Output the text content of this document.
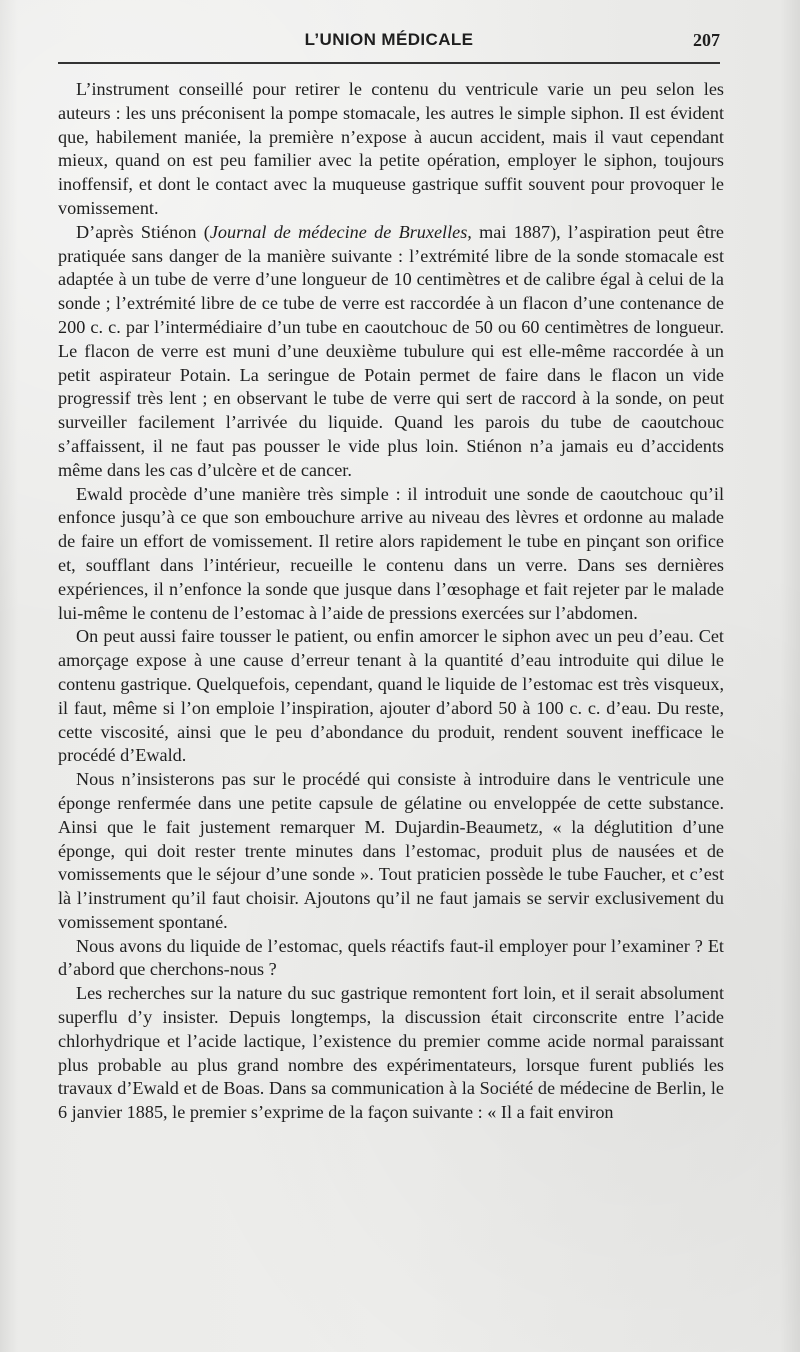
L’UNION MÉDICALE	207

L’instrument conseillé pour retirer le contenu du ventricule varie un peu selon les auteurs : les uns préconisent la pompe stomacale, les autres le simple siphon. Il est évident que, habilement maniée, la première n’expose à aucun accident, mais il vaut cependant mieux, quand on est peu familier avec la petite opération, employer le siphon, toujours inoffensif, et dont le contact avec la muqueuse gastrique suffit souvent pour provoquer le vomissement.

D’après Stiénon (Journal de médecine de Bruxelles, mai 1887), l’aspiration peut être pratiquée sans danger de la manière suivante : l’extrémité libre de la sonde stomacale est adaptée à un tube de verre d’une longueur de 10 centimètres et de calibre égal à celui de la sonde ; l’extrémité libre de ce tube de verre est raccordée à un flacon d’une contenance de 200 c. c. par l’intermédiaire d’un tube en caoutchouc de 50 ou 60 centimètres de longueur. Le flacon de verre est muni d’une deuxième tubulure qui est elle-même raccordée à un petit aspirateur Potain. La seringue de Potain permet de faire dans le flacon un vide progressif très lent ; en observant le tube de verre qui sert de raccord à la sonde, on peut surveiller facilement l’arrivée du liquide. Quand les parois du tube de caoutchouc s’affaissent, il ne faut pas pousser le vide plus loin. Stiénon n’a jamais eu d’accidents même dans les cas d’ulcère et de cancer.

Ewald procède d’une manière très simple : il introduit une sonde de caoutchouc qu’il enfonce jusqu’à ce que son embouchure arrive au niveau des lèvres et ordonne au malade de faire un effort de vomissement. Il retire alors rapidement le tube en pinçant son orifice et, soufflant dans l’intérieur, recueille le contenu dans un verre. Dans ses dernières expériences, il n’enfonce la sonde que jusque dans l’œsophage et fait rejeter par le malade lui-même le contenu de l’estomac à l’aide de pressions exercées sur l’abdomen.

On peut aussi faire tousser le patient, ou enfin amorcer le siphon avec un peu d’eau. Cet amorçage expose à une cause d’erreur tenant à la quantité d’eau introduite qui dilue le contenu gastrique. Quelquefois, cependant, quand le liquide de l’estomac est très visqueux, il faut, même si l’on emploie l’inspiration, ajouter d’abord 50 à 100 c. c. d’eau. Du reste, cette viscosité, ainsi que le peu d’abondance du produit, rendent souvent inefficace le procédé d’Ewald.

Nous n’insisterons pas sur le procédé qui consiste à introduire dans le ventricule une éponge renfermée dans une petite capsule de gélatine ou enveloppée de cette substance. Ainsi que le fait justement remarquer M. Dujardin-Beaumetz, « la déglutition d’une éponge, qui doit rester trente minutes dans l’estomac, produit plus de nausées et de vomissements que le séjour d’une sonde ». Tout praticien possède le tube Faucher, et c’est là l’instrument qu’il faut choisir. Ajoutons qu’il ne faut jamais se servir exclusivement du vomissement spontané.

Nous avons du liquide de l’estomac, quels réactifs faut-il employer pour l’examiner ? Et d’abord que cherchons-nous ?

Les recherches sur la nature du suc gastrique remontent fort loin, et il serait absolument superflu d’y insister. Depuis longtemps, la discussion était circonscrite entre l’acide chlorhydrique et l’acide lactique, l’existence du premier comme acide normal paraissant plus probable au plus grand nombre des expérimentateurs, lorsque furent publiés les travaux d’Ewald et de Boas. Dans sa communication à la Société de médecine de Berlin, le 6 janvier 1885, le premier s’exprime de la façon suivante : « Il a fait environ
